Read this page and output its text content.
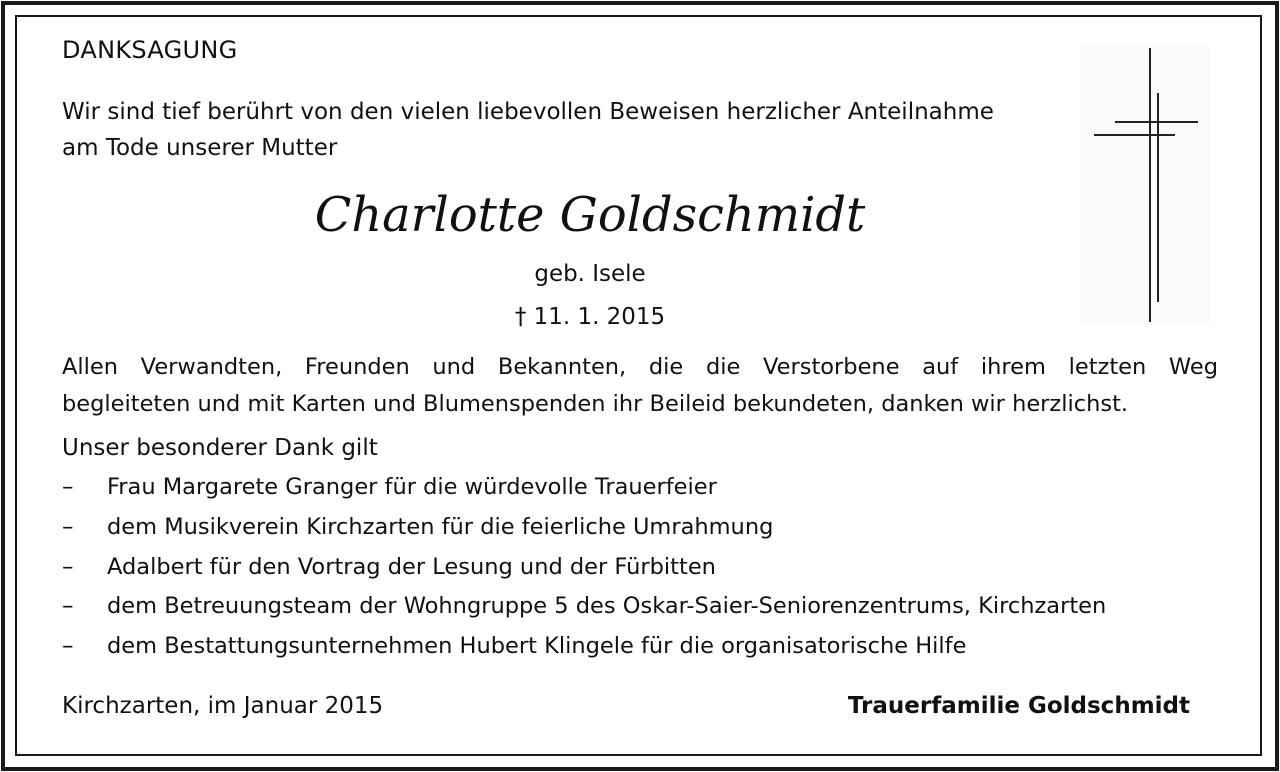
DANKSAGUNG
Wir sind tief berührt von den vielen liebevollen Beweisen herzlicher Anteilnahme
am Tode unserer Mutter
Charlotte Goldschmidt
geb. Isele
† 11. 1. 2015
Allen Verwandten, Freunden und Bekannten, die die Verstorbene auf ihrem letzten Weg
begleiteten und mit Karten und Blumenspenden ihr Beileid bekundeten, danken wir herzlichst.
Unser besonderer Dank gilt
– Frau Margarete Granger für die würdevolle Trauerfeier
– dem Musikverein Kirchzarten für die feierliche Umrahmung
– Adalbert für den Vortrag der Lesung und der Fürbitten
– dem Betreuungsteam der Wohngruppe 5 des Oskar-Saier-Seniorenzentrums, Kirchzarten
– dem Bestattungsunternehmen Hubert Klingele für die organisatorische Hilfe
Kirchzarten, im Januar 2015	Trauerfamilie Goldschmidt
